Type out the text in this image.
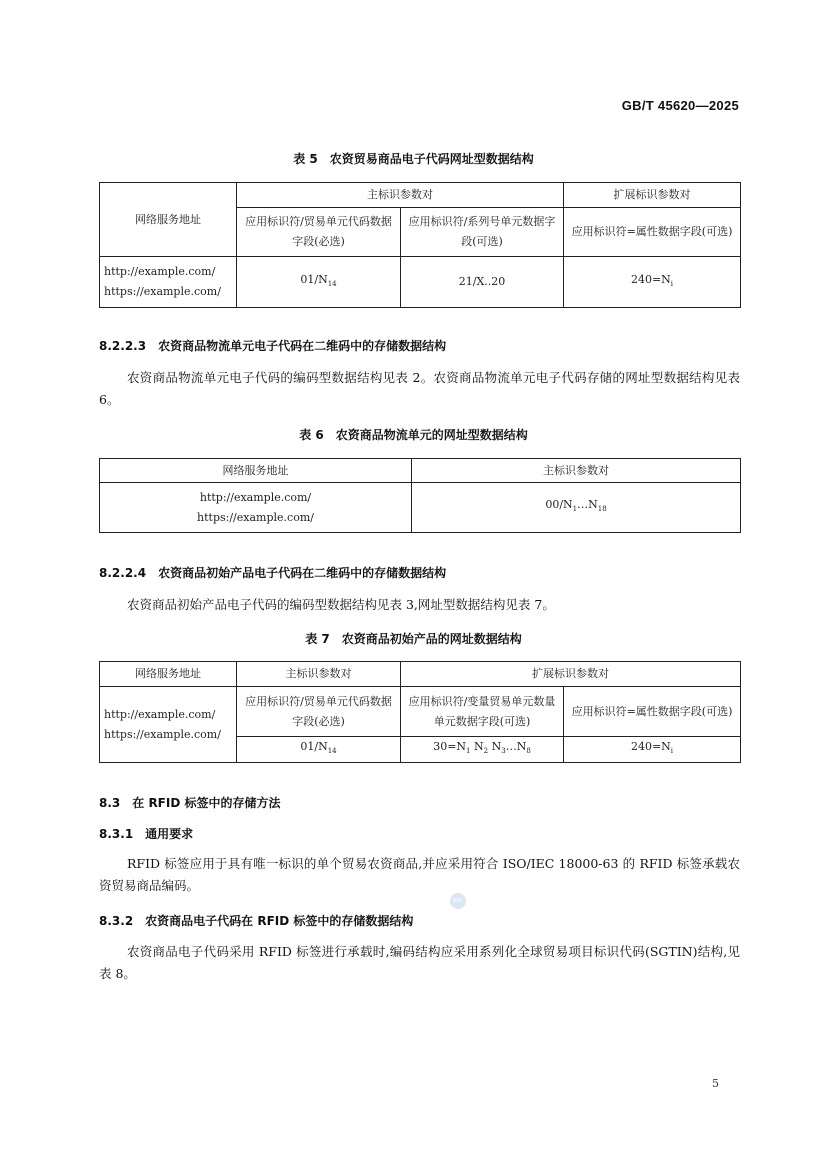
GB/T 45620—2025
表 5 农资贸易商品电子代码网址型数据结构
网络服务地址	主标识参数对		扩展标识参数对
	应用标识符/贸易单元代码数据字段(必选)	应用标识符/系列号单元数据字段(可选)	应用标识符=属性数据字段(可选)

http://example.com/
https://example.com/	$01/N_{14}$	21/X..20	$240=N_i$
8.2.2.3 农资商品物流单元电子代码在二维码中的存储数据结构
农资商品物流单元电子代码的编码型数据结构见表 2。农资商品物流单元电子代码存储的网址型数据结构见表 6。
表 6 农资商品物流单元的网址型数据结构
网络服务地址	主标识参数对

http://example.com/
https://example.com/	$00/N_1\dots N_{18}$
8.2.2.4 农资商品初始产品电子代码在二维码中的存储数据结构
农资商品初始产品电子代码的编码型数据结构见表 3,网址型数据结构见表 7。
表 7 农资商品初始产品的网址数据结构
网络服务地址	主标识参数对	扩展标识参数对	

http://example.com/
https://example.com/	应用标识符/贸易单元代码数据字段(必选)	应用标识符/变量贸易单元数量单元数据字段(可选)	应用标识符=属性数据字段(可选)
	$01/N_{14}$	$30=N_1$ $N_2$ $N_3\dots N_8$	$240=N_i$
8.3 在 RFID 标签中的存储方法
8.3.1 通用要求
RFID 标签应用于具有唯一标识的单个贸易农资商品,并应采用符合 ISO/IEC 18000-63 的 RFID 标签承载农资贸易商品编码。
SAC
8.3.2 农资商品电子代码在 RFID 标签中的存储数据结构
农资商品电子代码采用 RFID 标签进行承载时,编码结构应采用系列化全球贸易项目标识代码(SGTIN)结构,见表 8。
5
